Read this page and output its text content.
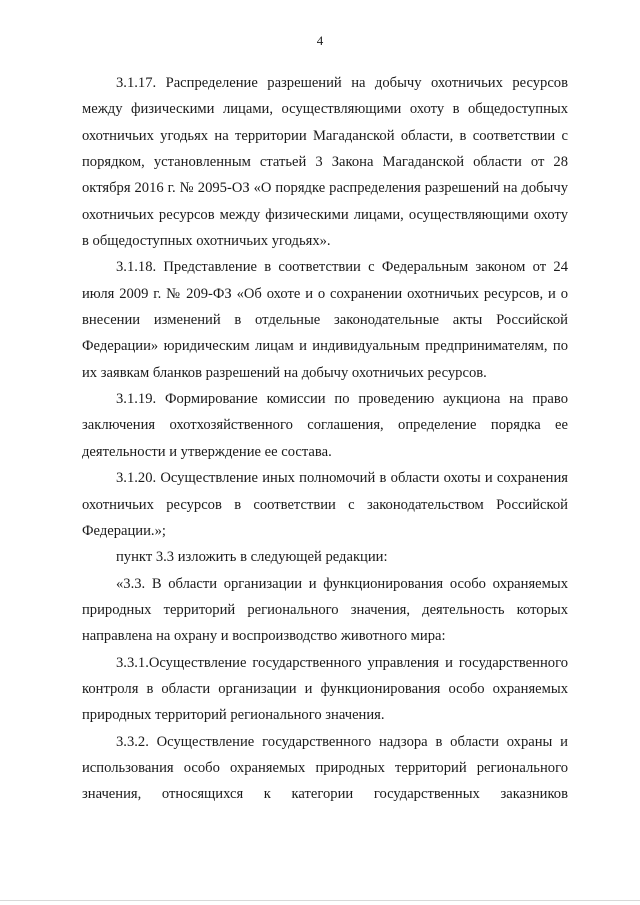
4

3.1.17. Распределение разрешений на добычу охотничьих ресурсов между физическими лицами, осуществляющими охоту в общедоступных охотничьих угодьях на территории Магаданской области, в соответствии с порядком, установленным статьей 3 Закона Магаданской области от 28 октября 2016 г. № 2095-ОЗ «О порядке распределения разрешений на добычу охотничьих ресурсов между физическими лицами, осуществляющими охоту в общедоступных охотничьих угодьях».

3.1.18. Представление в соответствии с Федеральным законом от 24 июля 2009 г. № 209-ФЗ «Об охоте и о сохранении охотничьих ресурсов, и о внесении изменений в отдельные законодательные акты Российской Федерации» юридическим лицам и индивидуальным предпринимателям, по их заявкам бланков разрешений на добычу охотничьих ресурсов.

3.1.19. Формирование комиссии по проведению аукциона на право заключения охотхозяйственного соглашения, определение порядка ее деятельности и утверждение ее состава.

3.1.20. Осуществление иных полномочий в области охоты и сохранения охотничьих ресурсов в соответствии с законодательством Российской Федерации.»;

пункт 3.3 изложить в следующей редакции:

«3.3. В области организации и функционирования особо охраняемых природных территорий регионального значения, деятельность которых направлена на охрану и воспроизводство животного мира:

3.3.1.Осуществление государственного управления и государственного контроля в области организации и функционирования особо охраняемых природных территорий регионального значения.

3.3.2. Осуществление государственного надзора в области охраны и использования особо охраняемых природных территорий регионального значения, относящихся к категории государственных заказников
